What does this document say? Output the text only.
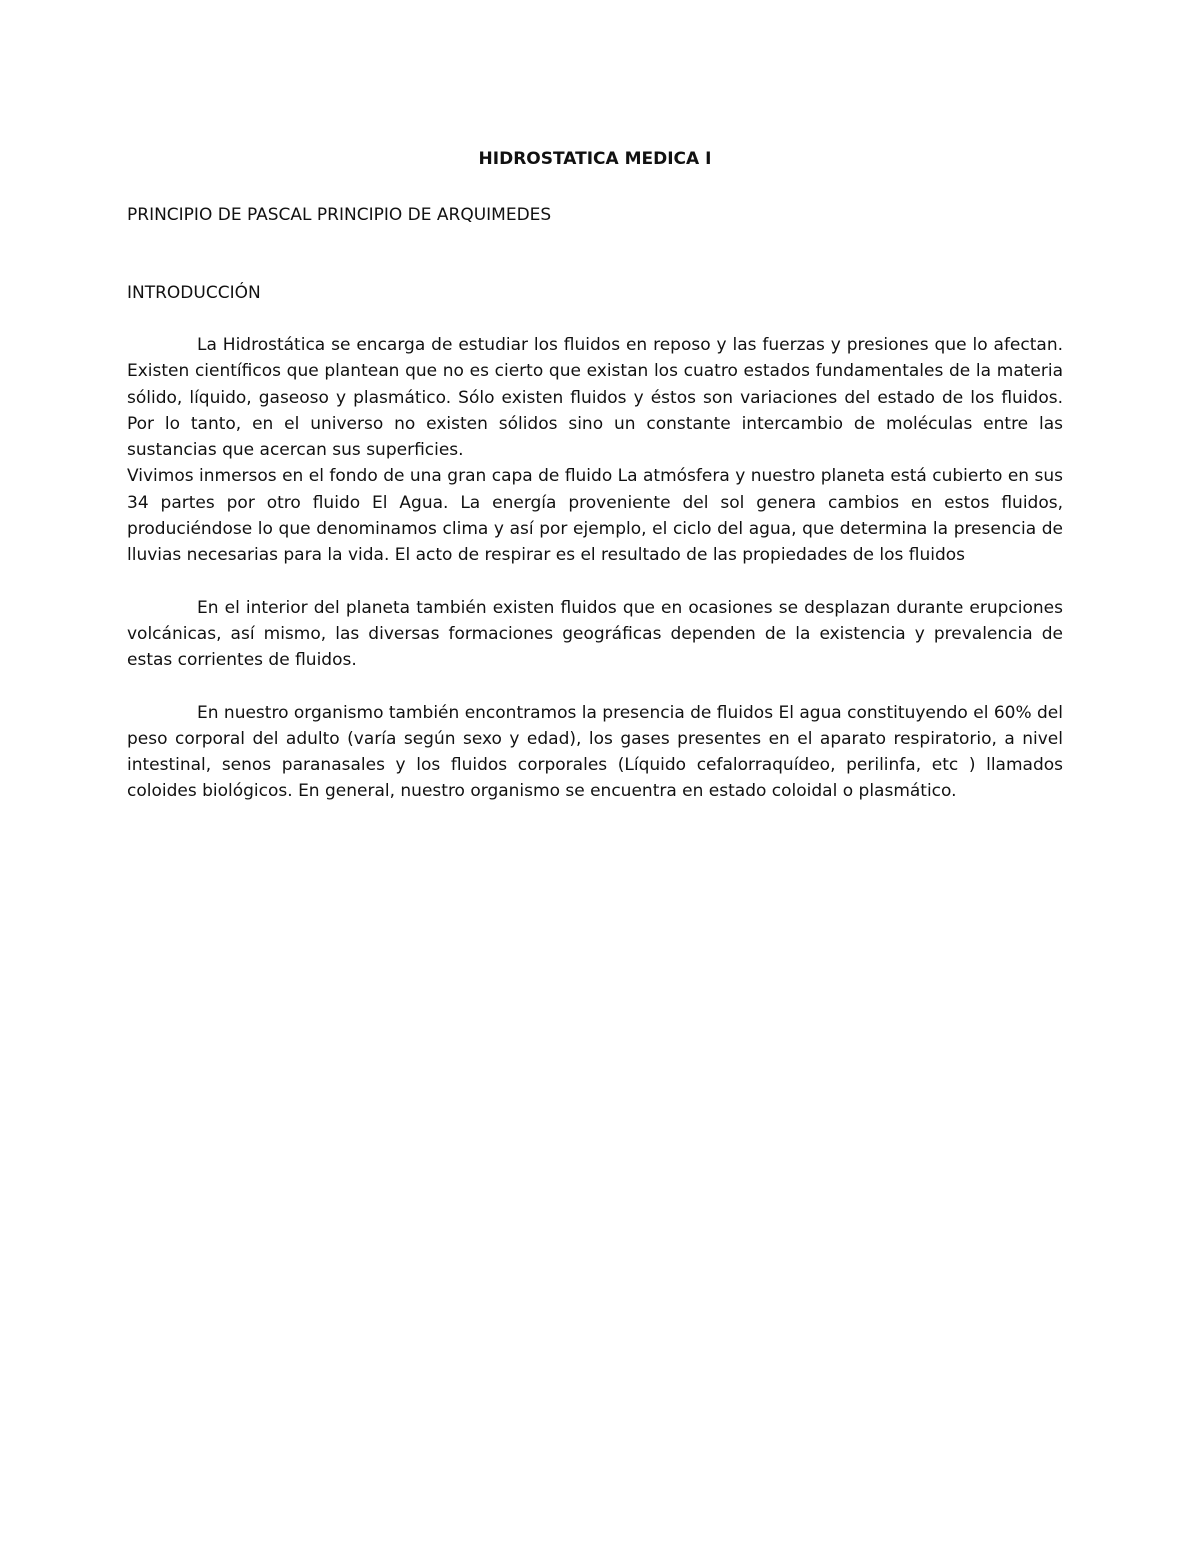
HIDROSTATICA MEDICA I
PRINCIPIO DE PASCAL PRINCIPIO DE ARQUIMEDES
INTRODUCCIÓN

La Hidrostática se encarga de estudiar los fluidos en reposo y las fuerzas y presiones que lo afectan. Existen científicos que plantean que no es cierto que existan los cuatro estados fundamentales de la materia sólido, líquido, gaseoso y plasmático. Sólo existen fluidos y éstos son variaciones del estado de los fluidos. Por lo tanto, en el universo no existen sólidos sino un constante intercambio de moléculas entre las sustancias que acercan sus superficies.

Vivimos inmersos en el fondo de una gran capa de fluido La atmósfera y nuestro planeta está cubierto en sus 34 partes por otro fluido El Agua. La energía proveniente del sol genera cambios en estos fluidos, produciéndose lo que denominamos clima y así por ejemplo, el ciclo del agua, que determina la presencia de lluvias necesarias para la vida. El acto de respirar es el resultado de las propiedades de los fluidos

En el interior del planeta también existen fluidos que en ocasiones se desplazan durante erupciones volcánicas, así mismo, las diversas formaciones geográficas dependen de la existencia y prevalencia de estas corrientes de fluidos.

En nuestro organismo también encontramos la presencia de fluidos El agua constituyendo el 60% del peso corporal del adulto (varía según sexo y edad), los gases presentes en el aparato respiratorio, a nivel intestinal, senos paranasales y los fluidos corporales (Líquido cefalorraquídeo, perilinfa, etc ) llamados coloides biológicos. En general, nuestro organismo se encuentra en estado coloidal o plasmático.
